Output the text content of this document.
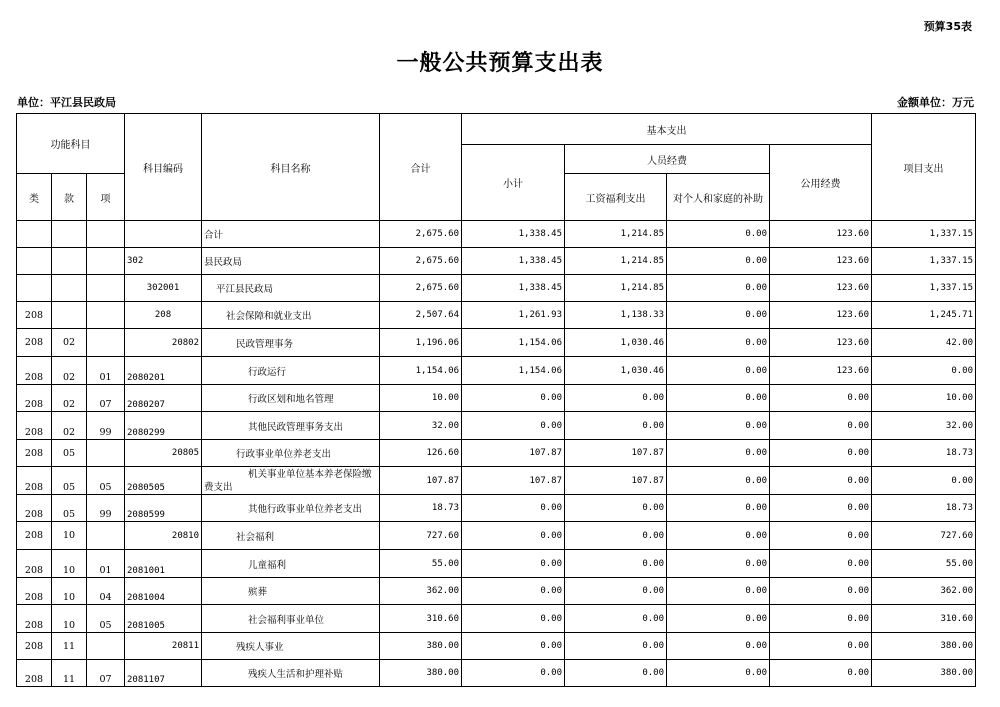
预算35表
一般公共预算支出表
单位：平江县民政局	金额单位：万元
功能科目			科目编码	科目名称	合计	基本支出				项目支出
						小计	人员经费		公用经费	
类	款	项					工资福利支出	对个人和家庭的补助		
				合计	2,675.60	1,338.45	1,214.85	0.00	123.60	1,337.15
			302	县民政局	2,675.60	1,338.45	1,214.85	0.00	123.60	1,337.15
			302001	平江县民政局	2,675.60	1,338.45	1,214.85	0.00	123.60	1,337.15
208			208	社会保障和就业支出	2,507.64	1,261.93	1,138.33	0.00	123.60	1,245.71
208	02		20802	民政管理事务	1,196.06	1,154.06	1,030.46	0.00	123.60	42.00
208	02	01	2080201	行政运行	1,154.06	1,154.06	1,030.46	0.00	123.60	0.00
208	02	07	2080207	行政区划和地名管理	10.00	0.00	0.00	0.00	0.00	10.00
208	02	99	2080299	其他民政管理事务支出	32.00	0.00	0.00	0.00	0.00	32.00
208	05		20805	行政事业单位养老支出	126.60	107.87	107.87	0.00	0.00	18.73
208	05	05	2080505	机关事业单位基本养老保险缴费支出	107.87	107.87	107.87	0.00	0.00	0.00
208	05	99	2080599	其他行政事业单位养老支出	18.73	0.00	0.00	0.00	0.00	18.73
208	10		20810	社会福利	727.60	0.00	0.00	0.00	0.00	727.60
208	10	01	2081001	儿童福利	55.00	0.00	0.00	0.00	0.00	55.00
208	10	04	2081004	殡葬	362.00	0.00	0.00	0.00	0.00	362.00
208	10	05	2081005	社会福利事业单位	310.60	0.00	0.00	0.00	0.00	310.60
208	11		20811	残疾人事业	380.00	0.00	0.00	0.00	0.00	380.00
208	11	07	2081107	残疾人生活和护理补贴	380.00	0.00	0.00	0.00	0.00	380.00
